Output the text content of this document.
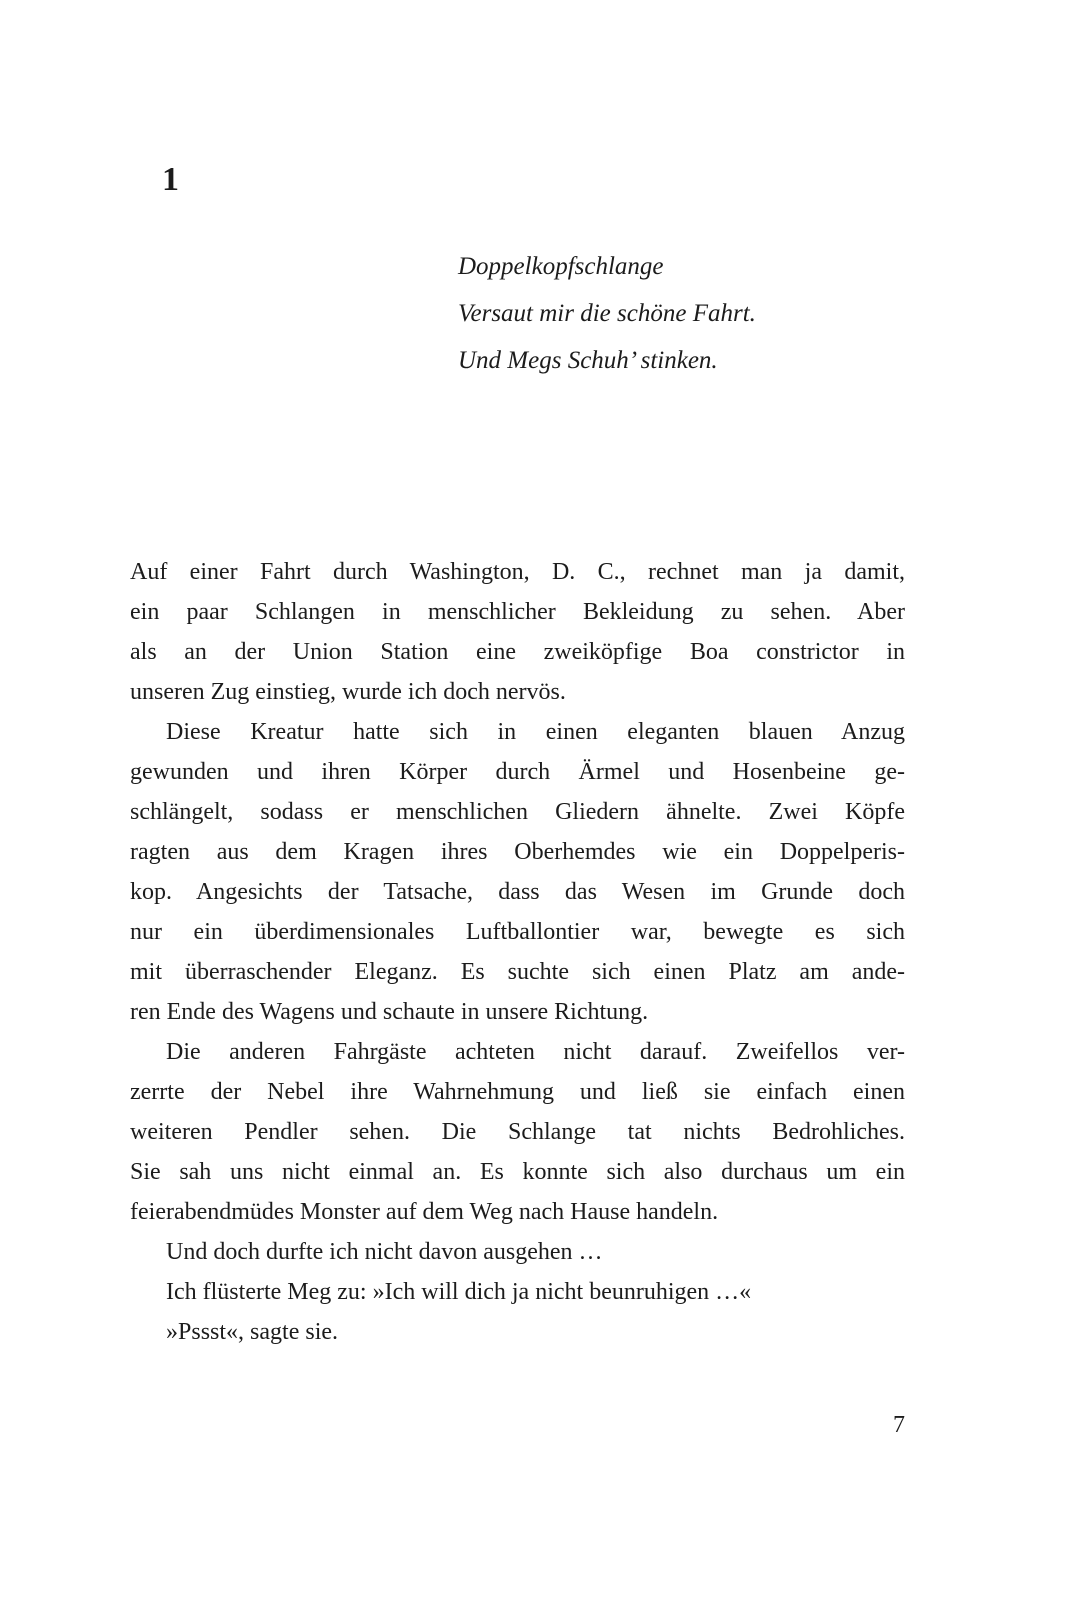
1
Doppelkopfschlange
Versaut mir die schöne Fahrt.
Und Megs Schuh’ stinken.
Auf einer Fahrt durch Washington, D. C., rechnet man ja damit,
ein paar Schlangen in menschlicher Bekleidung zu sehen. Aber
als an der Union Station eine zweiköpfige Boa constrictor in
unseren Zug einstieg, wurde ich doch nervös.
Diese Kreatur hatte sich in einen eleganten blauen Anzug
gewunden und ihren Körper durch Ärmel und Hosenbeine ge-
schlängelt, sodass er menschlichen Gliedern ähnelte. Zwei Köpfe
ragten aus dem Kragen ihres Oberhemdes wie ein Doppelperis-
kop. Angesichts der Tatsache, dass das Wesen im Grunde doch
nur ein überdimensionales Luftballontier war, bewegte es sich
mit überraschender Eleganz. Es suchte sich einen Platz am ande-
ren Ende des Wagens und schaute in unsere Richtung.
Die anderen Fahrgäste achteten nicht darauf. Zweifellos ver-
zerrte der Nebel ihre Wahrnehmung und ließ sie einfach einen
weiteren Pendler sehen. Die Schlange tat nichts Bedrohliches.
Sie sah uns nicht einmal an. Es konnte sich also durchaus um ein
feierabendmüdes Monster auf dem Weg nach Hause handeln.
Und doch durfte ich nicht davon ausgehen …
Ich flüsterte Meg zu: »Ich will dich ja nicht beunruhigen …«
»Pssst«, sagte sie.
7
